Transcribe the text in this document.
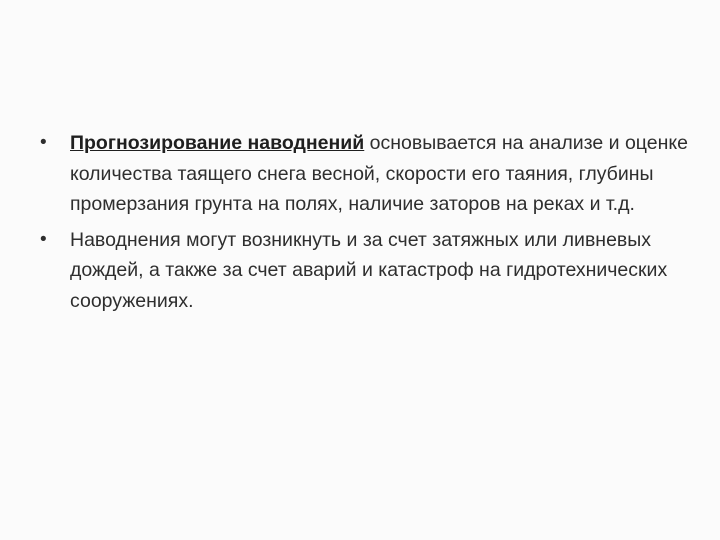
•	Прогнозирование наводнений основывается на анализе и оценке количества таящего снега весной, скорости его таяния, глубины промерзания грунта на полях, наличие заторов на реках и т.д.
•	Наводнения могут возникнуть и за счет затяжных или ливневых дождей, а также за счет аварий и катастроф на гидротехнических сооружениях.
